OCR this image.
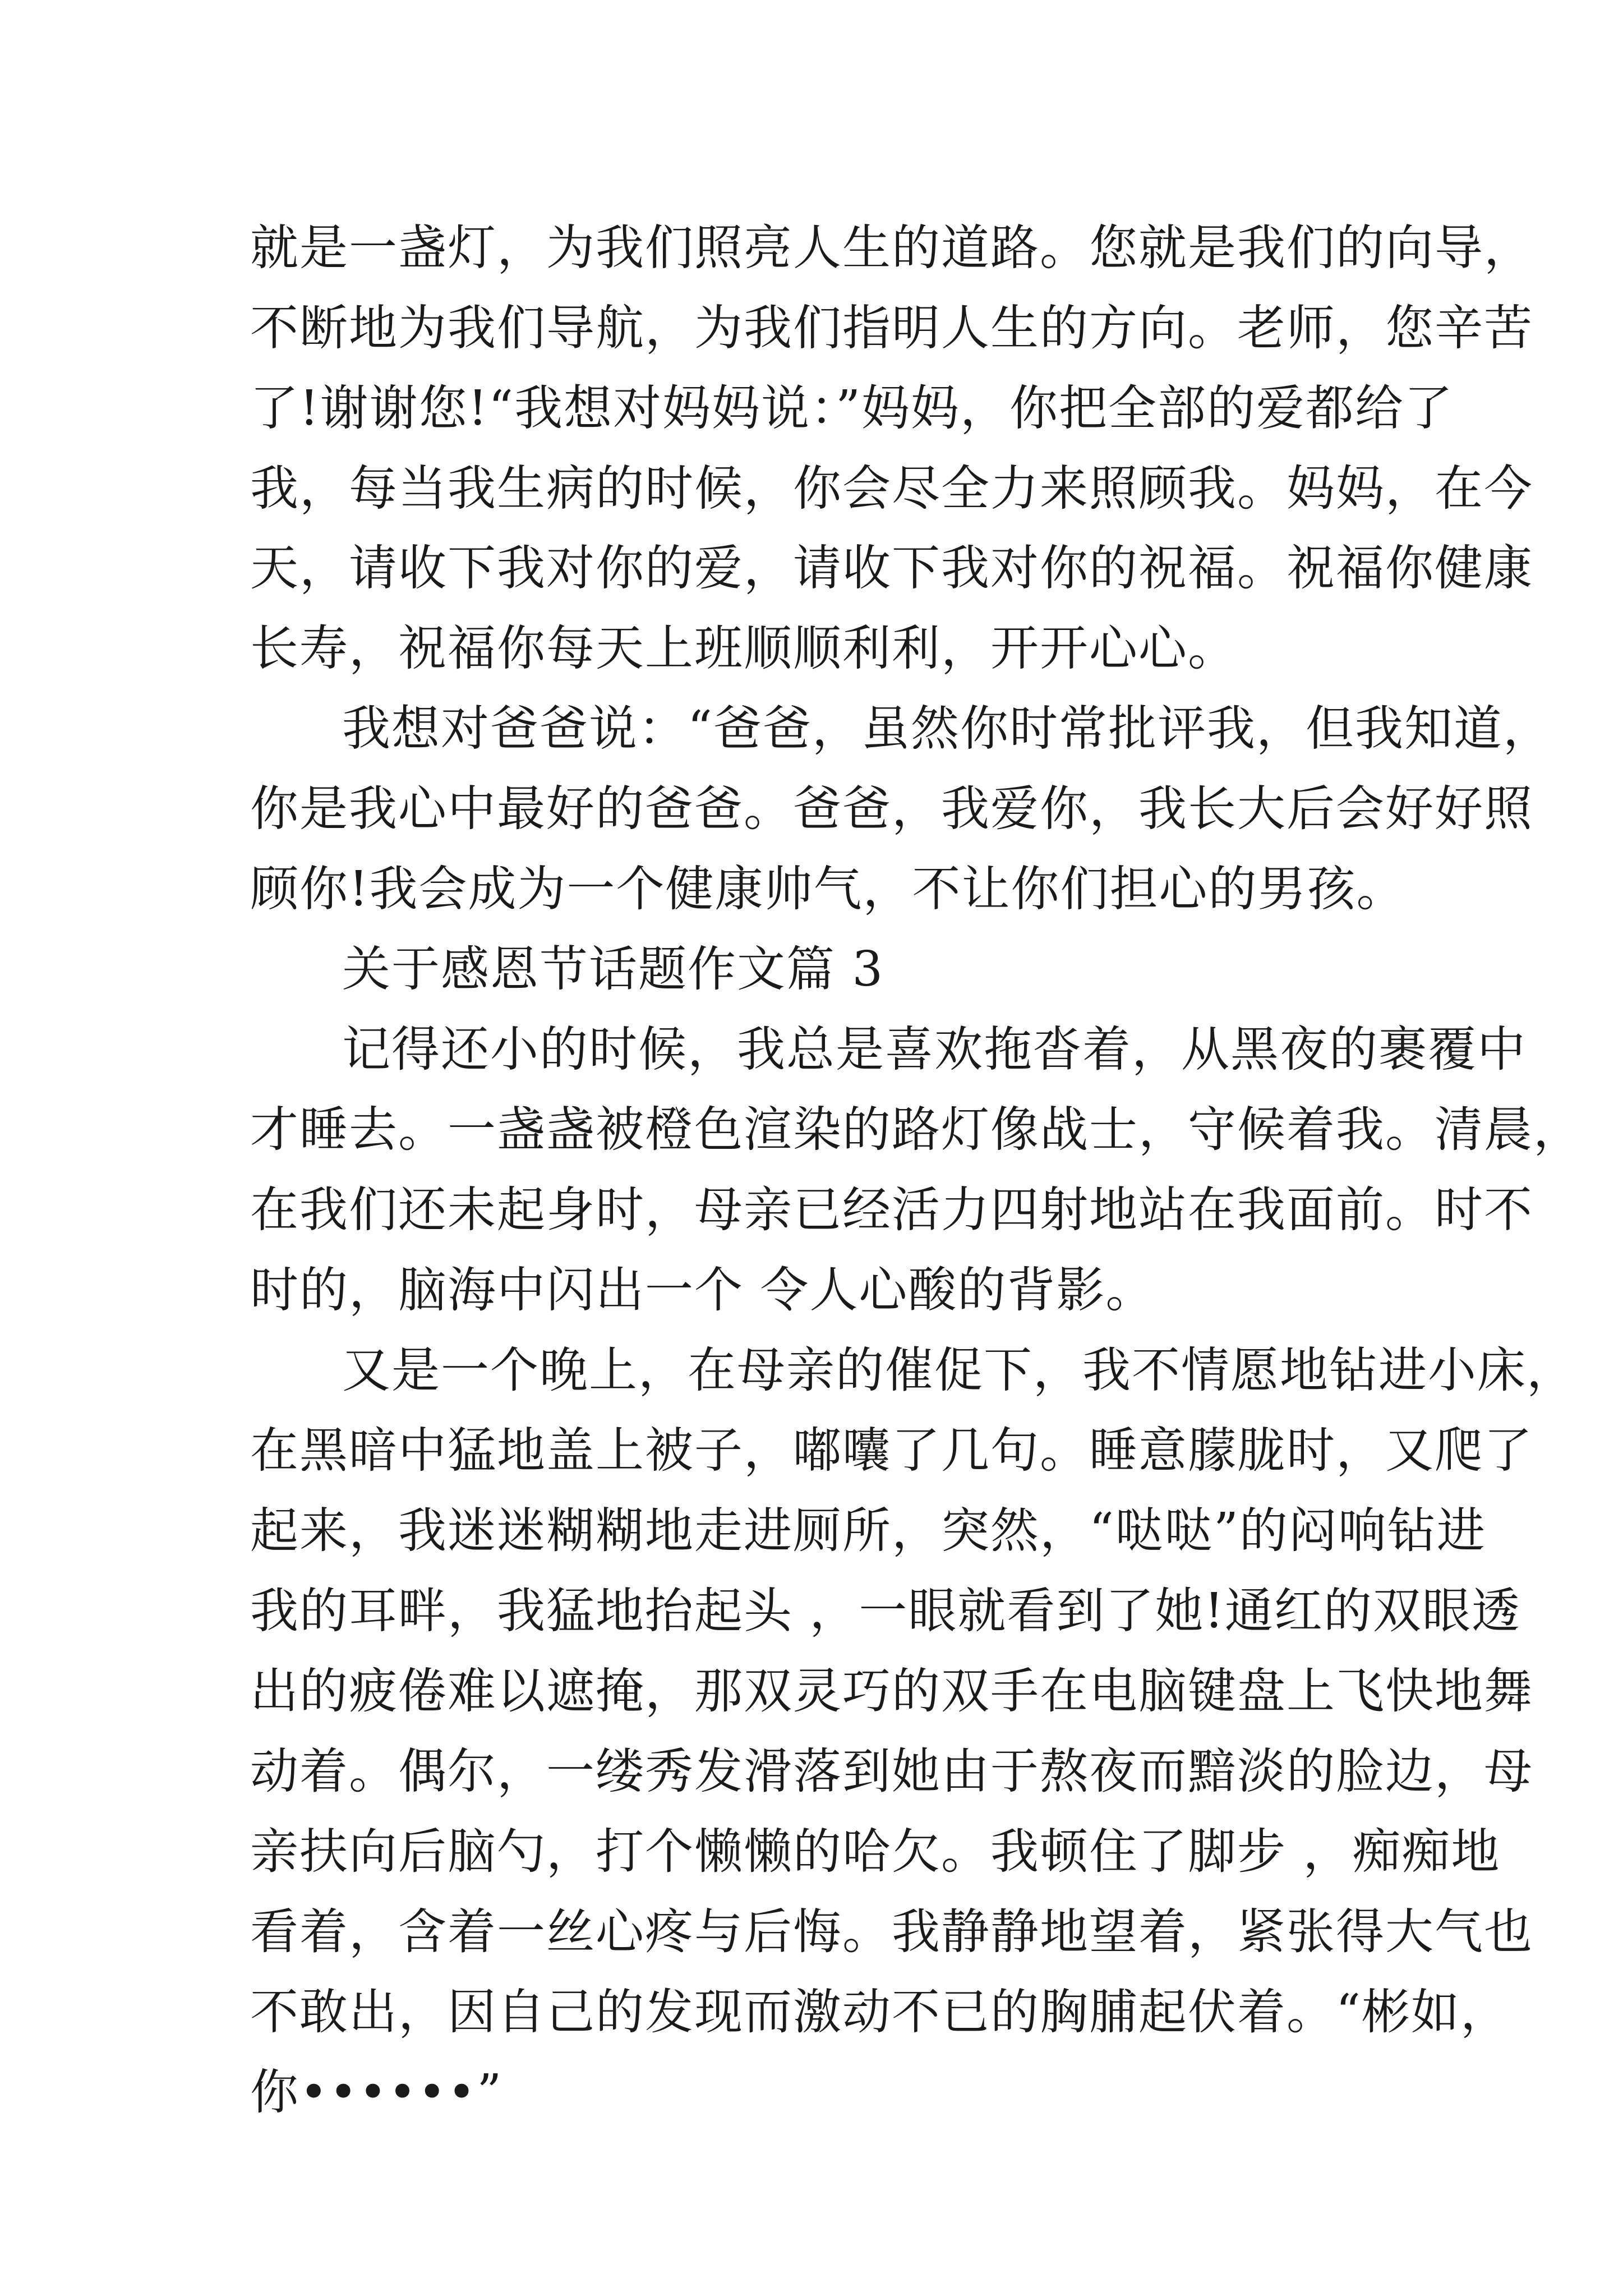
就是一盏灯，为我们照亮人生的道路。您就是我们的向导，
不断地为我们导航，为我们指明人生的方向。老师，您辛苦
了!谢谢您!“我想对妈妈说：”妈妈，你把全部的爱都给了
我，每当我生病的时候，你会尽全力来照顾我。妈妈，在今
天，请收下我对你的爱，请收下我对你的祝福。祝福你健康
长寿，祝福你每天上班顺顺利利，开开心心。
我想对爸爸说：“爸爸，虽然你时常批评我，但我知道，
你是我心中最好的爸爸。爸爸，我爱你，我长大后会好好照
顾你!我会成为一个健康帅气，不让你们担心的男孩。
关于感恩节话题作文篇 3
记得还小的时候，我总是喜欢拖沓着，从黑夜的裹覆中
才睡去。一盏盏被橙色渲染的路灯像战士，守候着我。清晨，
在我们还未起身时，母亲已经活力四射地站在我面前。时不
时的，脑海中闪出一个 令人心酸的背影。
又是一个晚上，在母亲的催促下，我不情愿地钻进小床，
在黑暗中猛地盖上被子，嘟囔了几句。睡意朦胧时，又爬了
起来，我迷迷糊糊地走进厕所，突然，“哒哒”的闷响钻进
我的耳畔，我猛地抬起头 ，一眼就看到了她!通红的双眼透
出的疲倦难以遮掩，那双灵巧的双手在电脑键盘上飞快地舞
动着。偶尔，一缕秀发滑落到她由于熬夜而黯淡的脸边，母
亲扶向后脑勺，打个懒懒的哈欠。我顿住了脚步 ，痴痴地
看着，含着一丝心疼与后悔。我静静地望着，紧张得大气也
不敢出，因自己的发现而激动不已的胸脯起伏着。“彬如，
你••••••”
